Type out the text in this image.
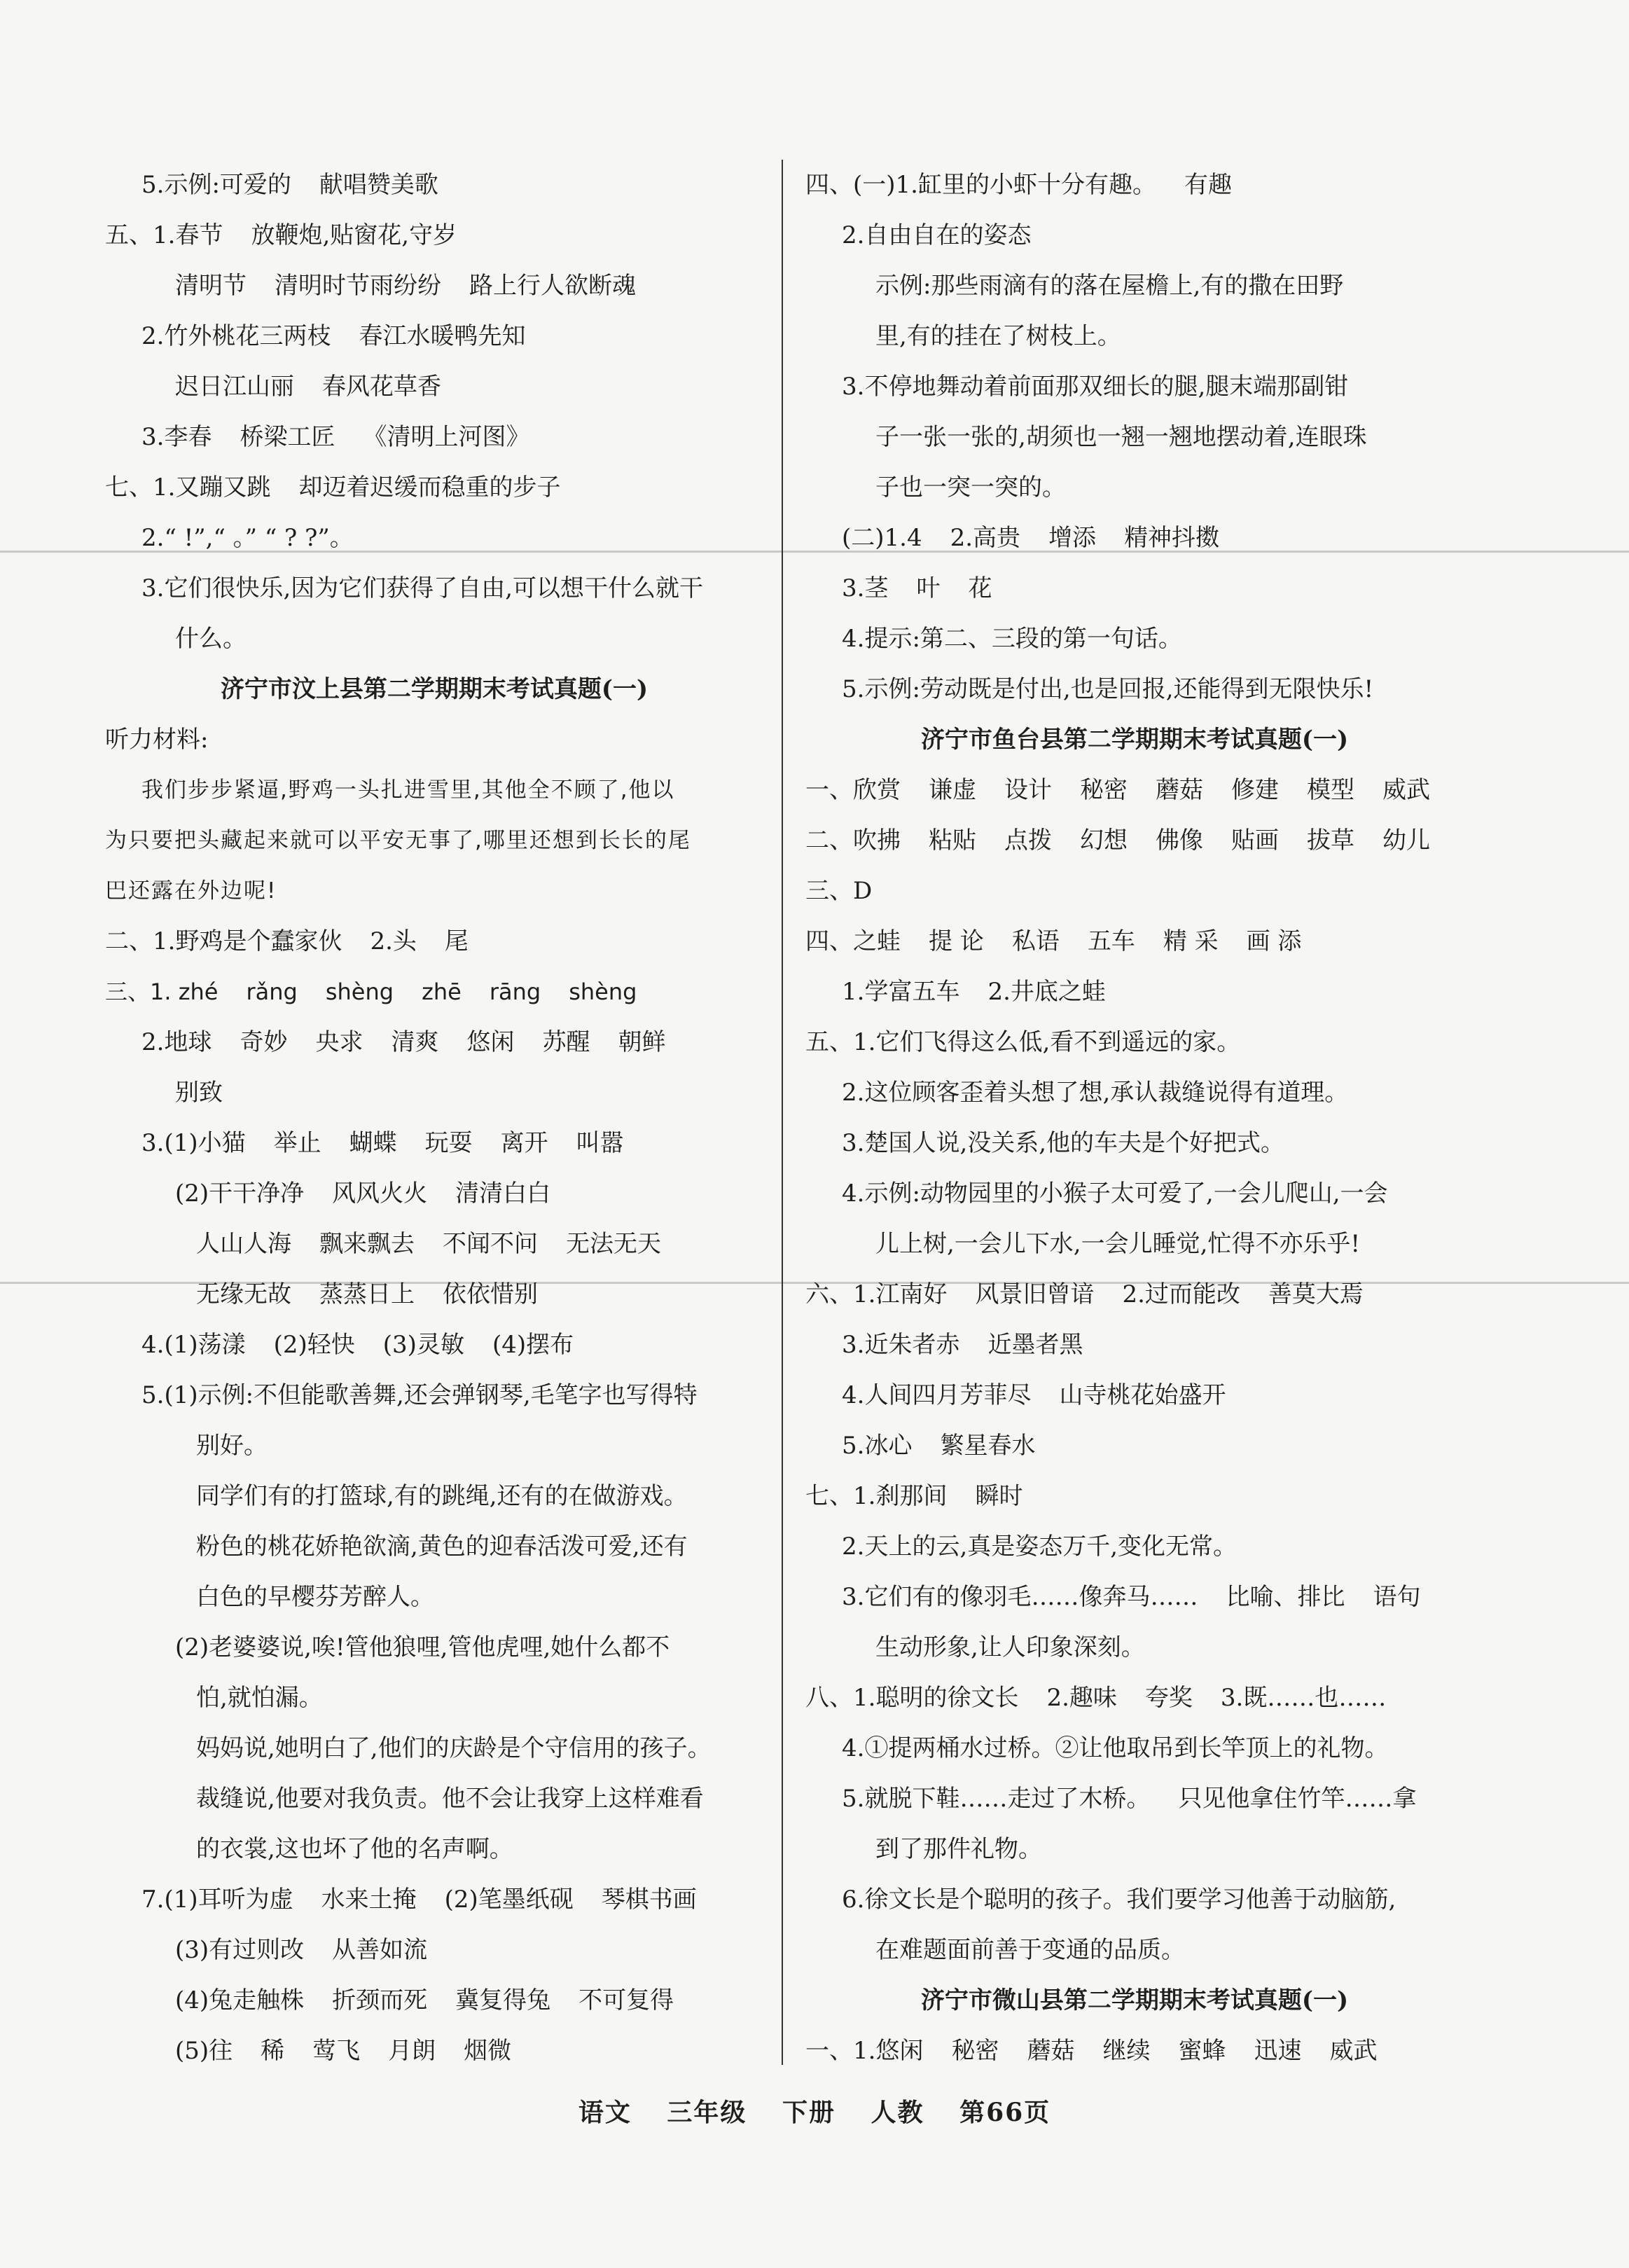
5.示例:可爱的 献唱赞美歌
五、1.春节 放鞭炮,贴窗花,守岁
清明节 清明时节雨纷纷 路上行人欲断魂
2.竹外桃花三两枝 春江水暖鸭先知
迟日江山丽 春风花草香
3.李春 桥梁工匠 《清明上河图》
七、1.又蹦又跳 却迈着迟缓而稳重的步子
2.“ !”,“ 。” “ ? ?”。
3.它们很快乐,因为它们获得了自由,可以想干什么就干
什么。
济宁市汶上县第二学期期末考试真题(一)
听力材料:
我们步步紧逼,野鸡一头扎进雪里,其他全不顾了,他以
为只要把头藏起来就可以平安无事了,哪里还想到长长的尾
巴还露在外边呢!
二、1.野鸡是个蠢家伙 2.头 尾
三、1. zhé rǎng shèng zhē rāng shèng
2.地球 奇妙 央求 清爽 悠闲 苏醒 朝鲜
别致
3.(1)小猫 举止 蝴蝶 玩耍 离开 叫嚣
(2)干干净净 风风火火 清清白白
人山人海 飘来飘去 不闻不问 无法无天
无缘无故 蒸蒸日上 依依惜别
4.(1)荡漾 (2)轻快 (3)灵敏 (4)摆布
5.(1)示例:不但能歌善舞,还会弹钢琴,毛笔字也写得特
别好。
同学们有的打篮球,有的跳绳,还有的在做游戏。
粉色的桃花娇艳欲滴,黄色的迎春活泼可爱,还有
白色的早樱芬芳醉人。
(2)老婆婆说,唉!管他狼哩,管他虎哩,她什么都不
怕,就怕漏。
妈妈说,她明白了,他们的庆龄是个守信用的孩子。
裁缝说,他要对我负责。他不会让我穿上这样难看
的衣裳,这也坏了他的名声啊。
7.(1)耳听为虚 水来土掩 (2)笔墨纸砚 琴棋书画
(3)有过则改 从善如流
(4)兔走触株 折颈而死 冀复得兔 不可复得
(5)往 稀 莺飞 月朗 烟微
四、(一)1.缸里的小虾十分有趣。 有趣
2.自由自在的姿态
示例:那些雨滴有的落在屋檐上,有的撒在田野
里,有的挂在了树枝上。
3.不停地舞动着前面那双细长的腿,腿末端那副钳
子一张一张的,胡须也一翘一翘地摆动着,连眼珠
子也一突一突的。
(二)1.4 2.高贵 增添 精神抖擞
3.茎 叶 花
4.提示:第二、三段的第一句话。
5.示例:劳动既是付出,也是回报,还能得到无限快乐!
济宁市鱼台县第二学期期末考试真题(一)
一、欣赏 谦虚 设计 秘密 蘑菇 修建 模型 威武
二、吹拂 粘贴 点拨 幻想 佛像 贴画 拔草 幼儿
三、D
四、之蛙 提 论 私语 五车 精 采 画 添
1.学富五车 2.井底之蛙
五、1.它们飞得这么低,看不到遥远的家。
2.这位顾客歪着头想了想,承认裁缝说得有道理。
3.楚国人说,没关系,他的车夫是个好把式。
4.示例:动物园里的小猴子太可爱了,一会儿爬山,一会
儿上树,一会儿下水,一会儿睡觉,忙得不亦乐乎!
六、1.江南好 风景旧曾谙 2.过而能改 善莫大焉
3.近朱者赤 近墨者黑
4.人间四月芳菲尽 山寺桃花始盛开
5.冰心 繁星春水
七、1.刹那间 瞬时
2.天上的云,真是姿态万千,变化无常。
3.它们有的像羽毛……像奔马…… 比喻、排比 语句
生动形象,让人印象深刻。
八、1.聪明的徐文长 2.趣味 夸奖 3.既……也……
4.①提两桶水过桥。②让他取吊到长竿顶上的礼物。
5.就脱下鞋……走过了木桥。 只见他拿住竹竿……拿
到了那件礼物。
6.徐文长是个聪明的孩子。我们要学习他善于动脑筋,
在难题面前善于变通的品质。
济宁市微山县第二学期期末考试真题(一)
一、1.悠闲 秘密 蘑菇 继续 蜜蜂 迅速 威武
语文 三年级 下册 人教 第66页
